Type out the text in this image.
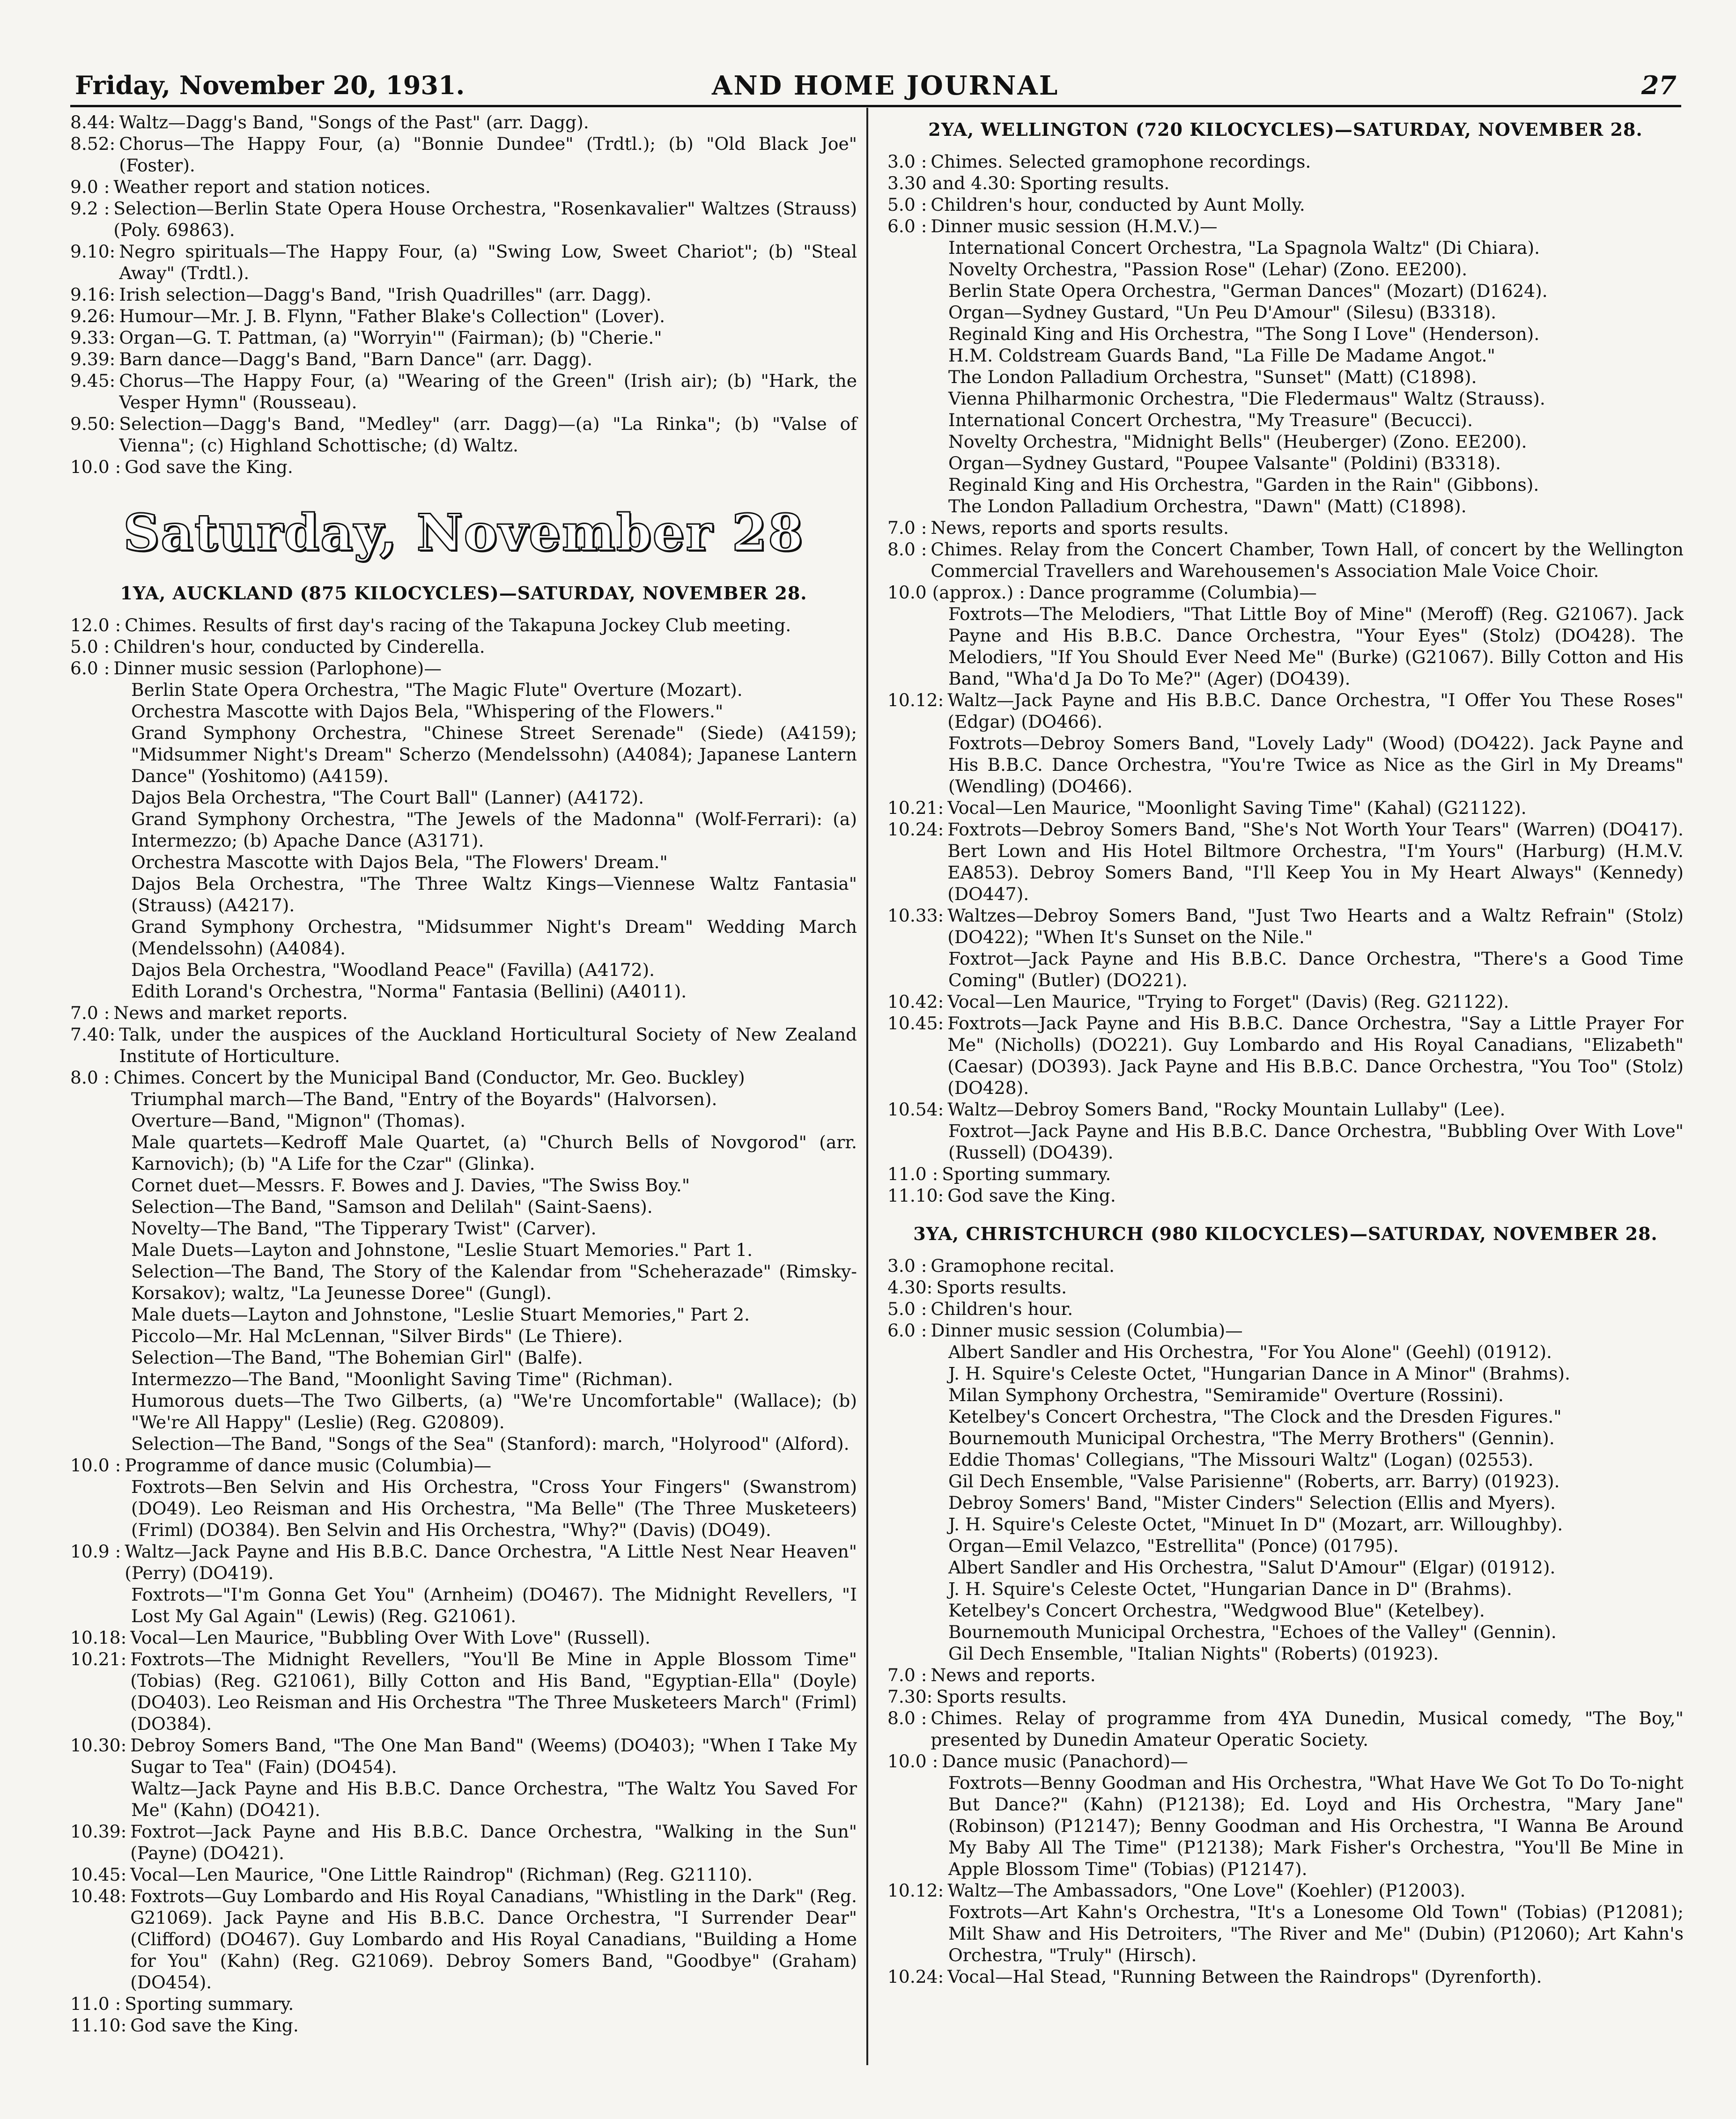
Friday, November 20, 1931.	AND HOME JOURNAL	27
8.44: Waltz—Dagg's Band, "Songs of the Past" (arr. Dagg).
8.52: Chorus—The Happy Four, (a) "Bonnie Dundee" (Trdtl.); (b) "Old Black Joe" (Foster).
9.0 : Weather report and station notices.
9.2 : Selection—Berlin State Opera House Orchestra, "Rosenkavalier" Waltzes (Strauss) (Poly. 69863).
9.10: Negro spirituals—The Happy Four, (a) "Swing Low, Sweet Chariot"; (b) "Steal Away" (Trdtl.).
9.16: Irish selection—Dagg's Band, "Irish Quadrilles" (arr. Dagg).
9.26: Humour—Mr. J. B. Flynn, "Father Blake's Collection" (Lover).
9.33: Organ—G. T. Pattman, (a) "Worryin'" (Fairman); (b) "Cherie."
9.39: Barn dance—Dagg's Band, "Barn Dance" (arr. Dagg).
9.45: Chorus—The Happy Four, (a) "Wearing of the Green" (Irish air); (b) "Hark, the Vesper Hymn" (Rousseau).
9.50: Selection—Dagg's Band, "Medley" (arr. Dagg)—(a) "La Rinka"; (b) "Valse of Vienna"; (c) Highland Schottische; (d) Waltz.
10.0 : God save the King.
Saturday, November 28
1YA, AUCKLAND (875 KILOCYCLES)—SATURDAY, NOVEMBER 28.
12.0 : Chimes. Results of first day's racing of the Takapuna Jockey Club meeting.
5.0 : Children's hour, conducted by Cinderella.
6.0 : Dinner music session (Parlophone)—
Berlin State Opera Orchestra, "The Magic Flute" Overture (Mozart).
Orchestra Mascotte with Dajos Bela, "Whispering of the Flowers."
Grand Symphony Orchestra, "Chinese Street Serenade" (Siede) (A4159); "Midsummer Night's Dream" Scherzo (Mendelssohn) (A4084); Japanese Lantern Dance" (Yoshitomo) (A4159).
Dajos Bela Orchestra, "The Court Ball" (Lanner) (A4172).
Grand Symphony Orchestra, "The Jewels of the Madonna" (Wolf-Ferrari): (a) Intermezzo; (b) Apache Dance (A3171).
Orchestra Mascotte with Dajos Bela, "The Flowers' Dream."
Dajos Bela Orchestra, "The Three Waltz Kings—Viennese Waltz Fantasia" (Strauss) (A4217).
Grand Symphony Orchestra, "Midsummer Night's Dream" Wedding March (Mendelssohn) (A4084).
Dajos Bela Orchestra, "Woodland Peace" (Favilla) (A4172).
Edith Lorand's Orchestra, "Norma" Fantasia (Bellini) (A4011).
7.0 : News and market reports.
7.40: Talk, under the auspices of the Auckland Horticultural Society of New Zealand Institute of Horticulture.
8.0 : Chimes. Concert by the Municipal Band (Conductor, Mr. Geo. Buckley)
Triumphal march—The Band, "Entry of the Boyards" (Halvorsen).
Overture—Band, "Mignon" (Thomas).
Male quartets—Kedroff Male Quartet, (a) "Church Bells of Novgorod" (arr. Karnovich); (b) "A Life for the Czar" (Glinka).
Cornet duet—Messrs. F. Bowes and J. Davies, "The Swiss Boy."
Selection—The Band, "Samson and Delilah" (Saint-Saens).
Novelty—The Band, "The Tipperary Twist" (Carver).
Male Duets—Layton and Johnstone, "Leslie Stuart Memories." Part 1.
Selection—The Band, The Story of the Kalendar from "Scheherazade" (Rimsky-Korsakov); waltz, "La Jeunesse Doree" (Gungl).
Male duets—Layton and Johnstone, "Leslie Stuart Memories," Part 2.
Piccolo—Mr. Hal McLennan, "Silver Birds" (Le Thiere).
Selection—The Band, "The Bohemian Girl" (Balfe).
Intermezzo—The Band, "Moonlight Saving Time" (Richman).
Humorous duets—The Two Gilberts, (a) "We're Uncomfortable" (Wallace); (b) "We're All Happy" (Leslie) (Reg. G20809).
Selection—The Band, "Songs of the Sea" (Stanford): march, "Holyrood" (Alford).
10.0 : Programme of dance music (Columbia)—
Foxtrots—Ben Selvin and His Orchestra, "Cross Your Fingers" (Swanstrom) (DO49). Leo Reisman and His Orchestra, "Ma Belle" (The Three Musketeers) (Friml) (DO384). Ben Selvin and His Orchestra, "Why?" (Davis) (DO49).
10.9 : Waltz—Jack Payne and His B.B.C. Dance Orchestra, "A Little Nest Near Heaven" (Perry) (DO419).
Foxtrots—"I'm Gonna Get You" (Arnheim) (DO467). The Midnight Revellers, "I Lost My Gal Again" (Lewis) (Reg. G21061).
10.18: Vocal—Len Maurice, "Bubbling Over With Love" (Russell).
10.21: Foxtrots—The Midnight Revellers, "You'll Be Mine in Apple Blossom Time" (Tobias) (Reg. G21061), Billy Cotton and His Band, "Egyptian-Ella" (Doyle) (DO403). Leo Reisman and His Orchestra "The Three Musketeers March" (Friml) (DO384).
10.30: Debroy Somers Band, "The One Man Band" (Weems) (DO403); "When I Take My Sugar to Tea" (Fain) (DO454).
Waltz—Jack Payne and His B.B.C. Dance Orchestra, "The Waltz You Saved For Me" (Kahn) (DO421).
10.39: Foxtrot—Jack Payne and His B.B.C. Dance Orchestra, "Walking in the Sun" (Payne) (DO421).
10.45: Vocal—Len Maurice, "One Little Raindrop" (Richman) (Reg. G21110).
10.48: Foxtrots—Guy Lombardo and His Royal Canadians, "Whistling in the Dark" (Reg. G21069). Jack Payne and His B.B.C. Dance Orchestra, "I Surrender Dear" (Clifford) (DO467). Guy Lombardo and His Royal Canadians, "Building a Home for You" (Kahn) (Reg. G21069). Debroy Somers Band, "Goodbye" (Graham) (DO454).
11.0 : Sporting summary.
11.10: God save the King.
2YA, WELLINGTON (720 KILOCYCLES)—SATURDAY, NOVEMBER 28.
3.0 : Chimes. Selected gramophone recordings.
3.30 and 4.30: Sporting results.
5.0 : Children's hour, conducted by Aunt Molly.
6.0 : Dinner music session (H.M.V.)—
International Concert Orchestra, "La Spagnola Waltz" (Di Chiara).
Novelty Orchestra, "Passion Rose" (Lehar) (Zono. EE200).
Berlin State Opera Orchestra, "German Dances" (Mozart) (D1624).
Organ—Sydney Gustard, "Un Peu D'Amour" (Silesu) (B3318).
Reginald King and His Orchestra, "The Song I Love" (Henderson).
H.M. Coldstream Guards Band, "La Fille De Madame Angot."
The London Palladium Orchestra, "Sunset" (Matt) (C1898).
Vienna Philharmonic Orchestra, "Die Fledermaus" Waltz (Strauss).
International Concert Orchestra, "My Treasure" (Becucci).
Novelty Orchestra, "Midnight Bells" (Heuberger) (Zono. EE200).
Organ—Sydney Gustard, "Poupee Valsante" (Poldini) (B3318).
Reginald King and His Orchestra, "Garden in the Rain" (Gibbons).
The London Palladium Orchestra, "Dawn" (Matt) (C1898).
7.0 : News, reports and sports results.
8.0 : Chimes. Relay from the Concert Chamber, Town Hall, of concert by the Wellington Commercial Travellers and Warehousemen's Association Male Voice Choir.
10.0 (approx.) : Dance programme (Columbia)—
Foxtrots—The Melodiers, "That Little Boy of Mine" (Meroff) (Reg. G21067). Jack Payne and His B.B.C. Dance Orchestra, "Your Eyes" (Stolz) (DO428). The Melodiers, "If You Should Ever Need Me" (Burke) (G21067). Billy Cotton and His Band, "Wha'd Ja Do To Me?" (Ager) (DO439).
10.12: Waltz—Jack Payne and His B.B.C. Dance Orchestra, "I Offer You These Roses" (Edgar) (DO466).
Foxtrots—Debroy Somers Band, "Lovely Lady" (Wood) (DO422). Jack Payne and His B.B.C. Dance Orchestra, "You're Twice as Nice as the Girl in My Dreams" (Wendling) (DO466).
10.21: Vocal—Len Maurice, "Moonlight Saving Time" (Kahal) (G21122).
10.24: Foxtrots—Debroy Somers Band, "She's Not Worth Your Tears" (Warren) (DO417). Bert Lown and His Hotel Biltmore Orchestra, "I'm Yours" (Harburg) (H.M.V. EA853). Debroy Somers Band, "I'll Keep You in My Heart Always" (Kennedy) (DO447).
10.33: Waltzes—Debroy Somers Band, "Just Two Hearts and a Waltz Refrain" (Stolz) (DO422); "When It's Sunset on the Nile."
Foxtrot—Jack Payne and His B.B.C. Dance Orchestra, "There's a Good Time Coming" (Butler) (DO221).
10.42: Vocal—Len Maurice, "Trying to Forget" (Davis) (Reg. G21122).
10.45: Foxtrots—Jack Payne and His B.B.C. Dance Orchestra, "Say a Little Prayer For Me" (Nicholls) (DO221). Guy Lombardo and His Royal Canadians, "Elizabeth" (Caesar) (DO393). Jack Payne and His B.B.C. Dance Orchestra, "You Too" (Stolz) (DO428).
10.54: Waltz—Debroy Somers Band, "Rocky Mountain Lullaby" (Lee).
Foxtrot—Jack Payne and His B.B.C. Dance Orchestra, "Bubbling Over With Love" (Russell) (DO439).
11.0 : Sporting summary.
11.10: God save the King.
3YA, CHRISTCHURCH (980 KILOCYCLES)—SATURDAY, NOVEMBER 28.
3.0 : Gramophone recital.
4.30: Sports results.
5.0 : Children's hour.
6.0 : Dinner music session (Columbia)—
Albert Sandler and His Orchestra, "For You Alone" (Geehl) (01912).
J. H. Squire's Celeste Octet, "Hungarian Dance in A Minor" (Brahms).
Milan Symphony Orchestra, "Semiramide" Overture (Rossini).
Ketelbey's Concert Orchestra, "The Clock and the Dresden Figures."
Bournemouth Municipal Orchestra, "The Merry Brothers" (Gennin).
Eddie Thomas' Collegians, "The Missouri Waltz" (Logan) (02553).
Gil Dech Ensemble, "Valse Parisienne" (Roberts, arr. Barry) (01923).
Debroy Somers' Band, "Mister Cinders" Selection (Ellis and Myers).
J. H. Squire's Celeste Octet, "Minuet In D" (Mozart, arr. Willoughby).
Organ—Emil Velazco, "Estrellita" (Ponce) (01795).
Albert Sandler and His Orchestra, "Salut D'Amour" (Elgar) (01912).
J. H. Squire's Celeste Octet, "Hungarian Dance in D" (Brahms).
Ketelbey's Concert Orchestra, "Wedgwood Blue" (Ketelbey).
Bournemouth Municipal Orchestra, "Echoes of the Valley" (Gennin).
Gil Dech Ensemble, "Italian Nights" (Roberts) (01923).
7.0 : News and reports.
7.30: Sports results.
8.0 : Chimes. Relay of programme from 4YA Dunedin, Musical comedy, "The Boy," presented by Dunedin Amateur Operatic Society.
10.0 : Dance music (Panachord)—
Foxtrots—Benny Goodman and His Orchestra, "What Have We Got To Do To-night But Dance?" (Kahn) (P12138); Ed. Loyd and His Orchestra, "Mary Jane" (Robinson) (P12147); Benny Goodman and His Orchestra, "I Wanna Be Around My Baby All The Time" (P12138); Mark Fisher's Orchestra, "You'll Be Mine in Apple Blossom Time" (Tobias) (P12147).
10.12: Waltz—The Ambassadors, "One Love" (Koehler) (P12003).
Foxtrots—Art Kahn's Orchestra, "It's a Lonesome Old Town" (Tobias) (P12081); Milt Shaw and His Detroiters, "The River and Me" (Dubin) (P12060); Art Kahn's Orchestra, "Truly" (Hirsch).
10.24: Vocal—Hal Stead, "Running Between the Raindrops" (Dyrenforth).
